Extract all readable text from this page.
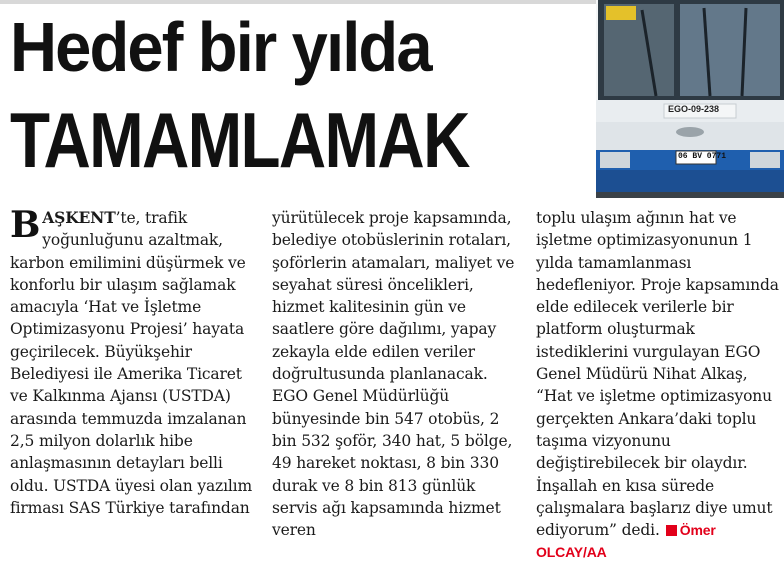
Hedef bir yılda
TAMAMLAMAK	EGO-09-238
06 BV 0771

BAŞKENT’te, trafik yoğunluğunu azaltmak, karbon emilimini düşürmek ve konforlu bir ulaşım sağlamak amacıyla ‘Hat ve İşletme Optimizasyonu Projesi’ hayata geçirilecek. Büyükşehir Belediyesi ile Amerika Ticaret ve Kalkınma Ajansı (USTDA) arasında temmuzda imzalanan 2,5 milyon dolarlık hibe anlaşmasının detayları belli oldu. USTDA üyesi olan yazılım firması SAS Türkiye tarafından

yürütülecek proje kapsamında, belediye otobüslerinin rotaları, şoförlerin atamaları, maliyet ve seyahat süresi öncelikleri, hizmet kalitesinin gün ve saatlere göre dağılımı, yapay zekayla elde edilen veriler doğrultusunda planlanacak. EGO Genel Müdürlüğü bünyesinde bin 547 otobüs, 2 bin 532 şoför, 340 hat, 5 bölge, 49 hareket noktası, 8 bin 330 durak ve 8 bin 813 günlük servis ağı kapsamında hizmet veren

toplu ulaşım ağının hat ve işletme optimizasyonunun 1 yılda tamamlanması hedefleniyor. Proje kapsamında elde edilecek verilerle bir platform oluşturmak istediklerini vurgulayan EGO Genel Müdürü Nihat Alkaş, “Hat ve işletme optimizasyonu gerçekten Ankara’daki toplu taşıma vizyonunu değiştirebilecek bir olaydır. İnşallah en kısa sürede çalışmalara başlarız diye umut ediyorum” dedi. Ömer OLCAY/AA
